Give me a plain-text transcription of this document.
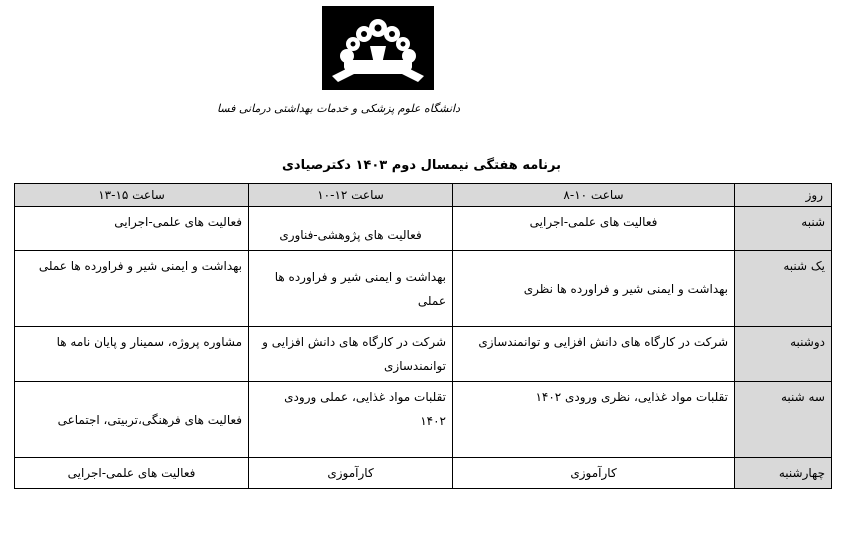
دانشگاه علوم پزشکی و خدمات بهداشتی درمانی فسا
برنامه هفتگی نیمسال دوم ۱۴۰۳ دکترصیادی
روز	ساعت ۱۰-۸	ساعت ۱۲-۱۰	ساعت ۱۵-۱۳
شنبه	فعالیت های علمی-اجرایی	فعالیت های پژوهشی-فناوری	فعالیت های علمی-اجرایی
یک شنبه	بهداشت و ایمنی شیر و فراورده ها نظری	بهداشت و ایمنی شیر و فراورده ها عملی	بهداشت و ایمنی شیر و فراورده ها عملی
دوشنبه	شرکت در کارگاه های دانش افزایی و توانمندسازی	شرکت در کارگاه های دانش افزایی و توانمندسازی	مشاوره پروژه، سمینار و پایان نامه ها
سه شنبه	تقلبات مواد غذایی، نظری ورودی ۱۴۰۲	تقلبات مواد غذایی، عملی ورودی ۱۴۰۲	فعالیت های فرهنگی،تربیتی، اجتماعی
چهارشنبه	کارآموزی	کارآموزی	فعالیت های علمی-اجرایی
